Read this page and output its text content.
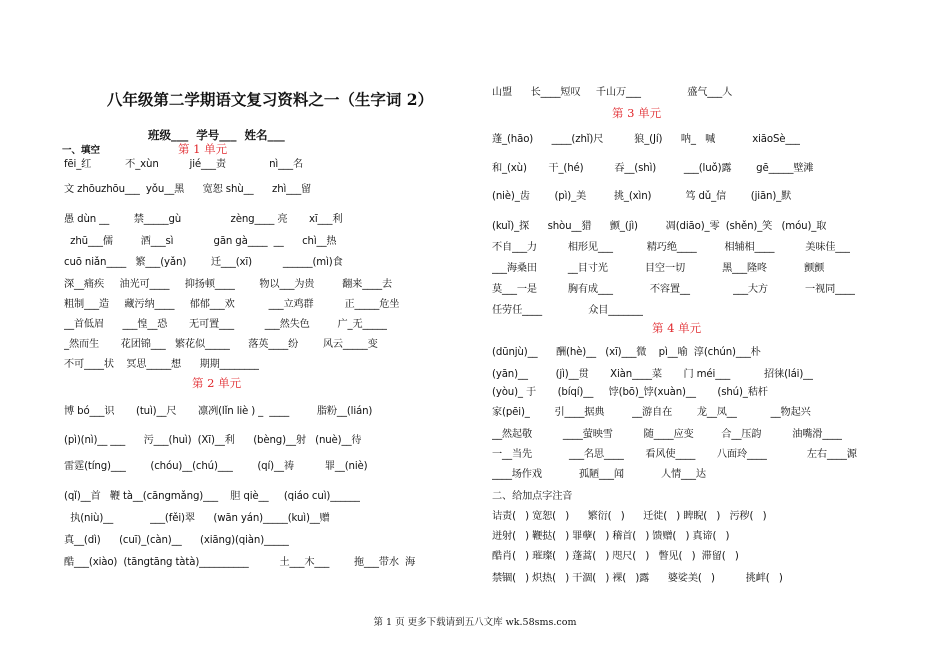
八年级第二学期语文复习资料之一（生字词 2）
班级___  学号___  姓名___
一、填空	第 1 单元
第 2 单元
第 3 单元
第 4 单元
fēi_红           不_xùn          jié___责              nì___名
文 zhōuzhōu___  yǒu__黑      宽恕 shù__      zhì___留
愚 dùn __        禁_____gù                zèng____ 亮       xī___利
zhū___儒         酒___sì             gān gà____  __      chì__热
cuō niǎn____   繁___(yǎn)        迁___(xī)          ______(mì)食
深__痛疾     油光可____     抑扬顿____        物以___为贵         翻来____去
粗制___造     藏污纳____     郁郁___欢           ___立鸡群          正_____危坐
__首低眉      ___惶__恐       无可置___          ___然失色         广_无_____
_然而生       花团锦___   繁花似_____      落英____纷        风云_____变
不可____状    冥思_____想      期期________
博 bó___识       (tuì)__尺       凛冽(lǐn liè ) _  ____         脂粉__(lián)
(pì)(nì)__ ___      污___(huì)  (Xī)__利      (bèng)__射   (nuè)__待
雷霆(tíng)___        (chóu)__(chú)___        (qí)__祷          罪__(niè)
(qǐ)__首   鞭 tà__(cāngmǎng)___    胆 qiè__     (qiáo cuì)______
执(niù)__            ___(fěi)翠      (wān yán)_____(kuì)__赠
真__(dì)      (cuī)_(càn)__      (xiāng)(qiàn)_____
酷___(xiào)  (tāngtāng tàtà)__________          土___木___        拖___带水  海
山盟      长____短叹     千山万___               盛气___人
蓬_(hāo)      ____(zhǐ)尺          狼_(Jí)      呐_   喊            xiāoSè___
和_(xù)       干_(hé)          吞__(shì)         ___(luǒ)露        gē_____壁滩
(niè)_齿        (pì)_美         挑_(xìn)           笃 dǔ_信        (jiān)_默
(kuǐ)_探      shòu__猎      颤_(jì)         凋(diāo)_零  (shěn)_笑   (móu)_取
不自___力          相形见___           精巧绝____         相辅相____          美味佳___
___海桑田          __目寸光            目空一切            黑___隆咚            颤颤
莫___一是          胸有成___            不容置__              ___大方            一视同____
任劳任____               众目_______
(dūnjù)__      酬(hè)__   (xī)___微    pì__喻  淳(chún)___朴
(yān)__         (jì)__贯       Xiàn____菜       门 méi___           招徕(lái)__
(yòu)_ 于       (bíqí)__     饽(bō)_饽(xuàn)__       (shú)_秸杆
家(pēi)_        引____据典         __游自在        龙__凤__           __物起兴
__然起敬          ____萤映雪          随____应变         合__压韵          油嘴滑____
一__当先            ___名思____       看风使____       八面玲____             左右____源
____场作戏            孤陋___闻            人情___达
二、给加点字注音
诘责(   ) 宽恕(   )      繁衍(   )      迁徙(   ) 睥睨(   )   污秽(   )
迸射(   ) 鞭挞(   ) 罪孽(   ) 稽首(   ) 馈赠(   ) 真谛(   )
酷肖(   ) 璀璨(   ) 蓬蒿(   ) 咫尺(   )   瞥见(   )  滞留(   )
禁锢(   ) 炽热(   ) 干涸(   ) 裸(   )露      婆娑美(   )          挑衅(   )
第 1 页 更多下载请到五八文库 wk.58sms.com
